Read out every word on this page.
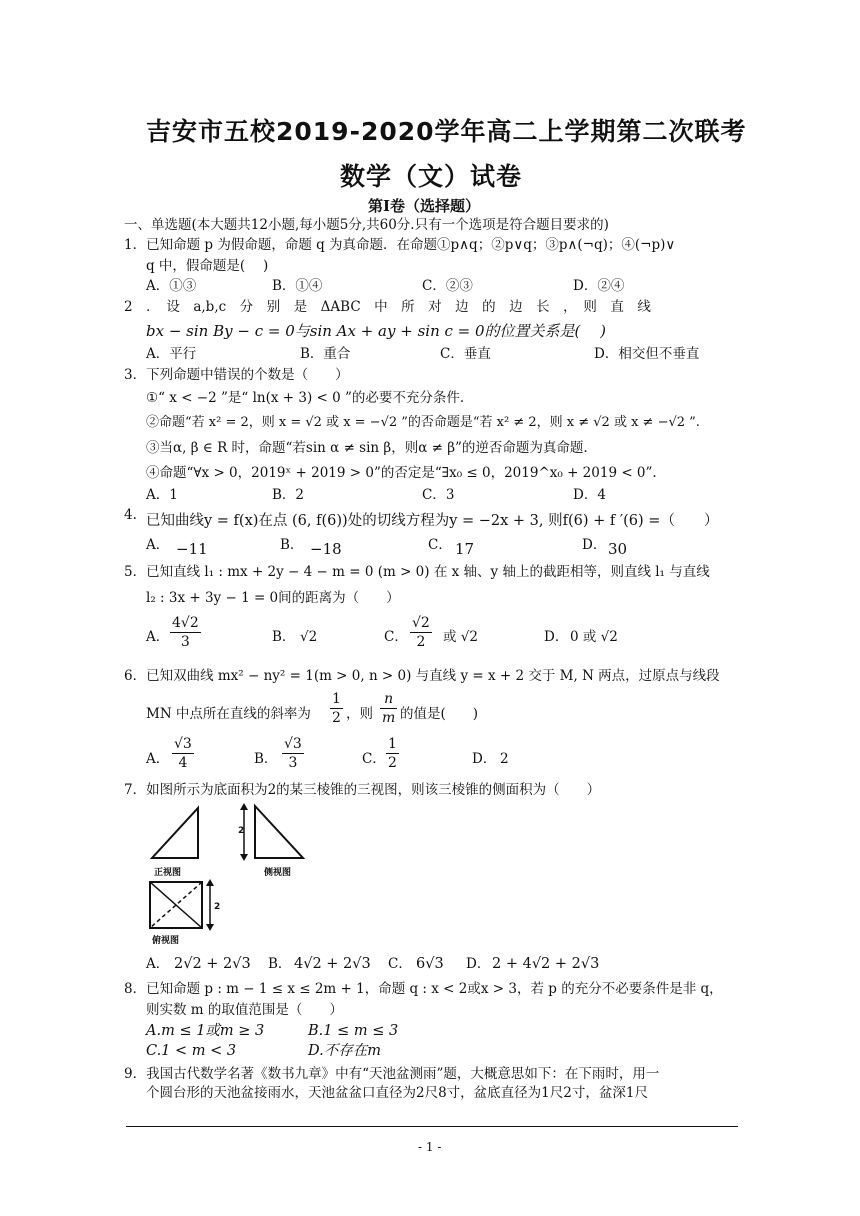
吉安市五校2019-2020学年高二上学期第二次联考
数学（文）试卷
第Ⅰ卷（选择题）
一、单选题(本大题共12小题,每小题5分,共60分.只有一个选项是符合题目要求的)
1．已知命题 p 为假命题，命题 q 为真命题．在命题①p∧q；②p∨q；③p∧(¬q)；④(¬p)∨
q 中，假命题是(　 )
A．①③	B．①④	C．②③	D．②④
2　．　设　a,b,c　分　别　是　ΔABC　中　所　对　边　的　边　长　，　则　直　线
bx − sin By − c = 0与sin Ax + ay + sin c = 0的位置关系是(　 )
A．平行	B．重合	C．垂直	D．相交但不垂直
3．下列命题中错误的个数是（　　）
①“ x < −2 ”是“ ln(x + 3) < 0 ”的必要不充分条件.
②命题“若 x² = 2，则 x = √2 或 x = −√2 ”的否命题是“若 x² ≠ 2，则 x ≠ √2 或 x ≠ −√2 ”.
③当α, β ∈ R 时，命题“若sin α ≠ sin β，则α ≠ β”的逆否命题为真命题.
④命题“∀x > 0，2019ˣ + 2019 > 0”的否定是“∃x₀ ≤ 0，2019^x₀ + 2019 < 0”.
A．1	B．2	C．3	D．4
4. 已知曲线y = f(x)在点 (6, f(6))处的切线方程为y = −2x + 3, 则f(6) + f ′(6) =（　　）
A． −11	B． −18	C． 17	D． 30
5．已知直线 l₁ : mx + 2y − 4 − m = 0 (m > 0) 在 x 轴、y 轴上的截距相等，则直线 l₁ 与直线
l₂ : 3x + 3y − 1 = 0间的距离为（　　）
A． $\frac{4√2}{3}$	B． √2	C． $\frac{√2}{2}$ 或 √2	D． 0 或 √2
6．已知双曲线 mx² − ny² = 1(m > 0, n > 0) 与直线 y = x + 2 交于 M, N 两点，过原点与线段
MN 中点所在直线的斜率为 $\frac{1}{2}$ ，则 $\frac{n}{m}$ 的值是(　　)
A． $\frac{√3}{4}$	B． $\frac{√3}{3}$	C． $\frac{1}{2}$	D． 2
7．如图所示为底面积为2的某三棱锥的三视图，则该三棱锥的侧面积为（　　）
2
2
正视图	侧视图
俯视图
A． 2√2 + 2√3 B． 4√2 + 2√3 C． 6√3 D． 2 + 4√2 + 2√3
8．已知命题 p : m − 1 ≤ x ≤ 2m + 1，命题 q : x < 2或x > 3，若 p 的充分不必要条件是非 q，
则实数 m 的取值范围是（　　）
A.m ≤ 1或m ≥ 3	B.1 ≤ m ≤ 3
C.1 < m < 3	D.不存在m
9．我国古代数学名著《数书九章》中有“天池盆测雨”题，大概意思如下：在下雨时，用一
个圆台形的天池盆接雨水，天池盆盆口直径为2尺8寸，盆底直径为1尺2寸，盆深1尺
- 1 -
